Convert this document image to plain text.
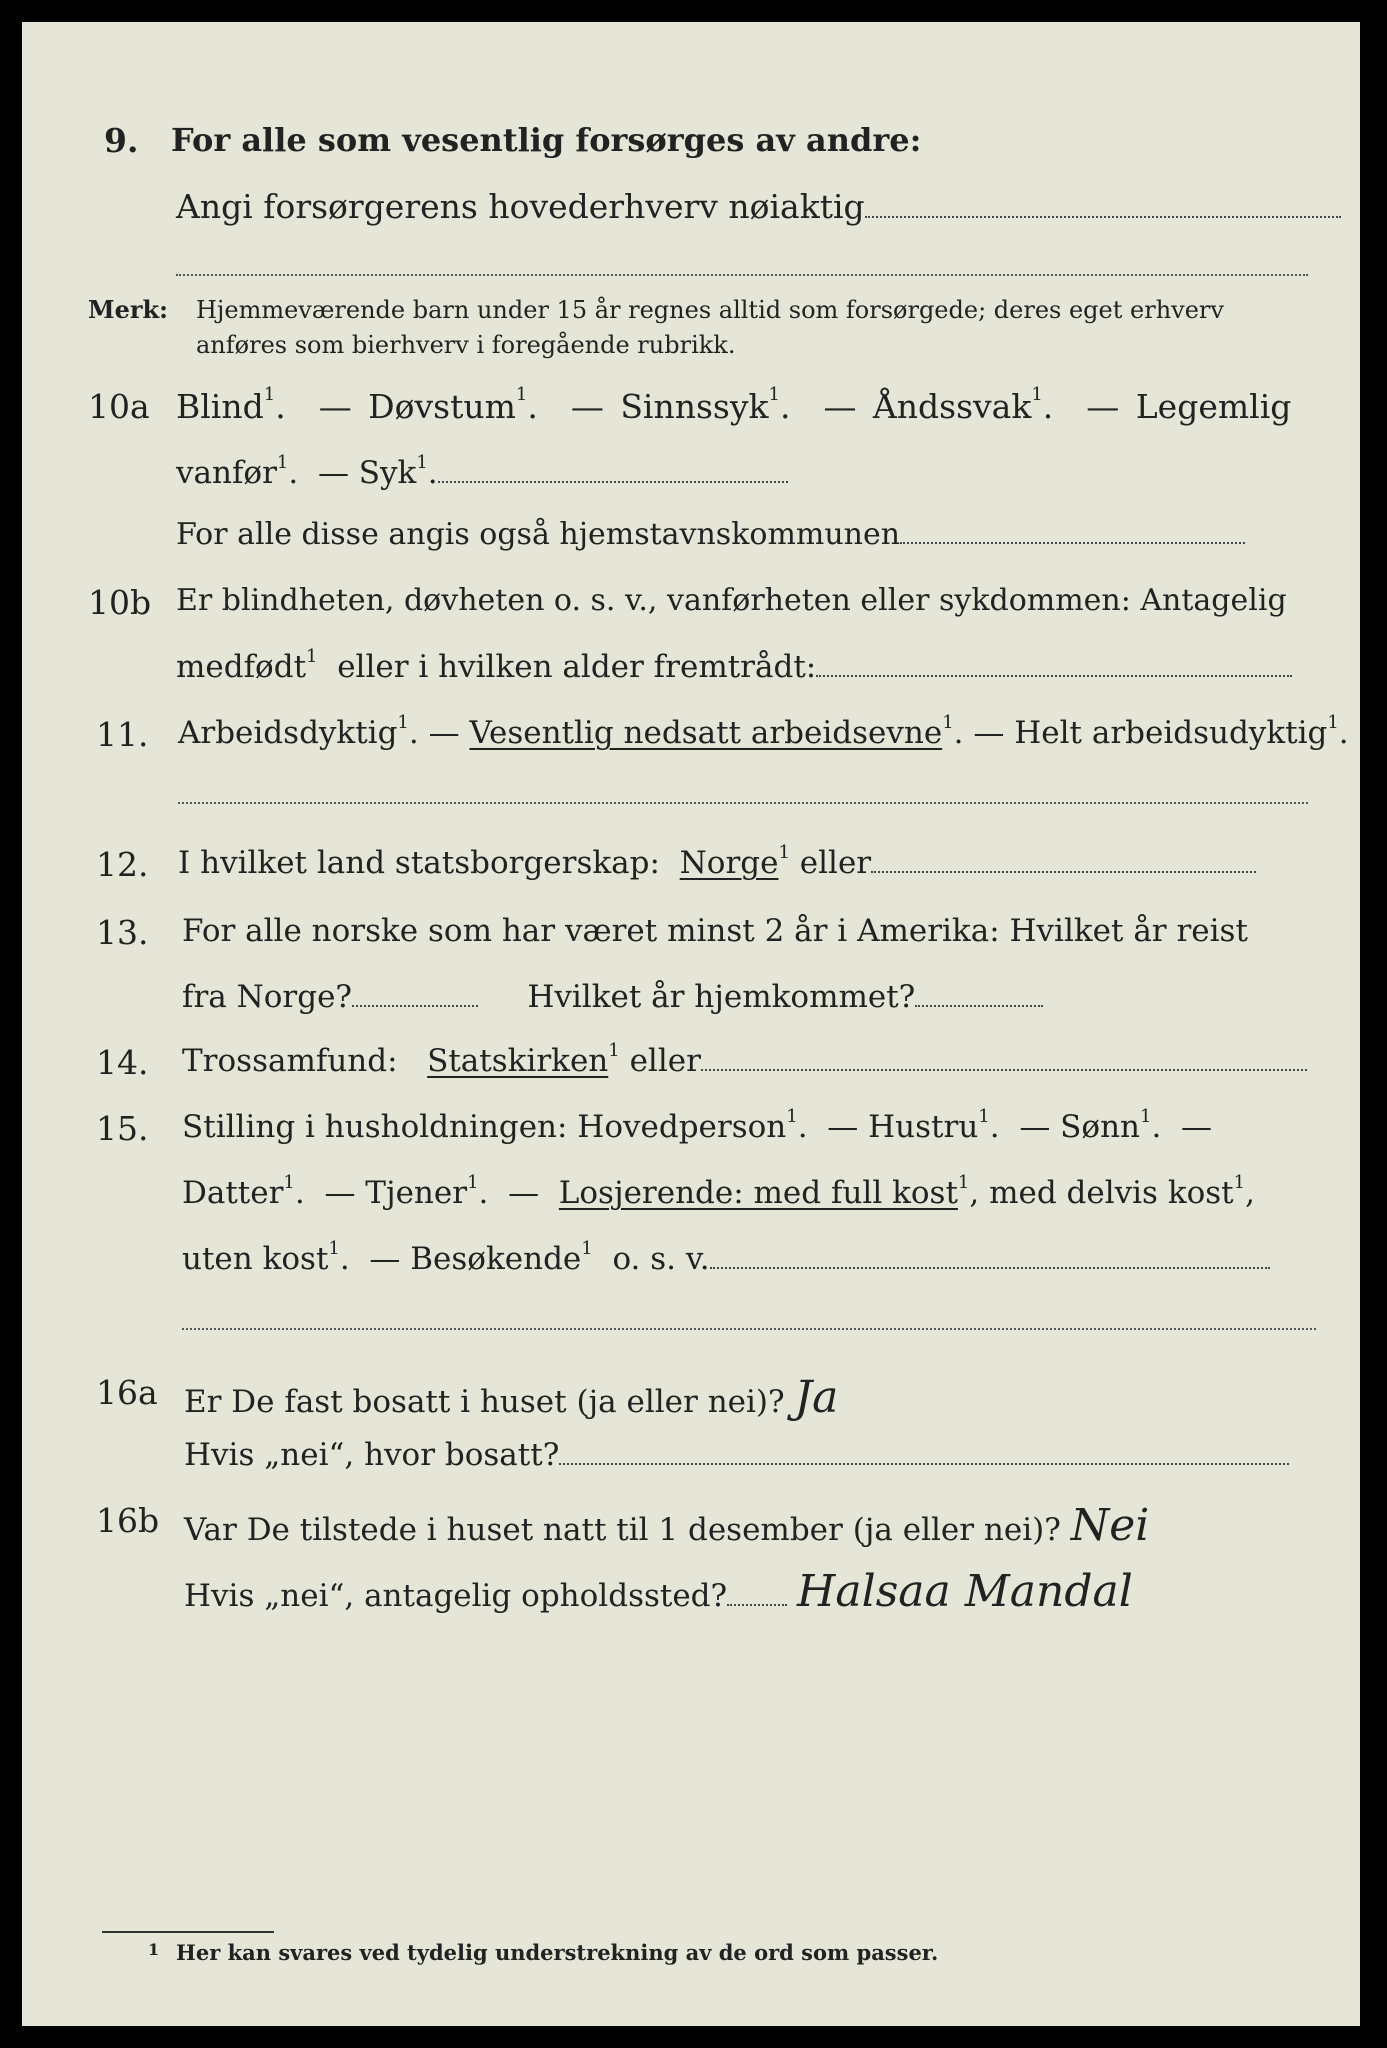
9. For alle som vesentlig forsørges av andre:
Angi forsørgerens hovederhverv nøiaktig
Merk: Hjemmeværende barn under 15 år regnes alltid som forsørgede; deres eget erhverv
anføres som bierhverv i foregående rubrikk.
10a Blind$^1$.  — Døvstum$^1$.  — Sinnssyk$^1$.  — Åndssvak$^1$.  — Legemlig
vanfør$^1$.  — Syk$^1$.
For alle disse angis også hjemstavnskommunen
10b Er blindheten, døvheten o. s. v., vanførheten eller sykdommen: Antagelig
medfødt$^1$ eller i hvilken alder fremtrådt:
11. Arbeidsdyktig$^1$. — Vesentlig nedsatt arbeidsevne$^1$. — Helt arbeidsudyktig$^1$.
12. I hvilket land statsborgerskap: Norge$^1$ eller
13. For alle norske som har været minst 2 år i Amerika: Hvilket år reist
fra Norge?	Hvilket år hjemkommet?
14. Trossamfund: Statskirken$^1$ eller
15. Stilling i husholdningen: Hovedperson$^1$.  — Hustru$^1$.  — Sønn$^1$.  —
Datter$^1$.  — Tjener$^1$.  — Losjerende: med full kost$^1$, med delvis kost$^1$,
uten kost$^1$.  — Besøkende$^1$ o. s. v.
16a Er De fast bosatt i huset (ja eller nei)? Ja
Hvis „nei“, hvor bosatt?
16b Var De tilstede i huset natt til 1 desember (ja eller nei)? Nei
Hvis „nei“, antagelig opholdssted? Halsaa Mandal
1 Her kan svares ved tydelig understrekning av de ord som passer.
